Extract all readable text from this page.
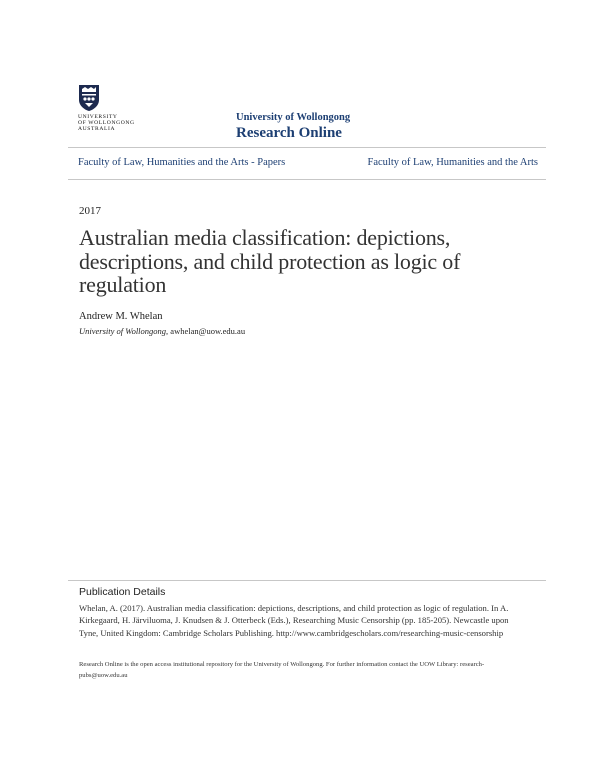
UNIVERSITY
OF WOLLONGONG
AUSTRALIA
University of Wollongong
Research Online
Faculty of Law, Humanities and the Arts - Papers	Faculty of Law, Humanities and the Arts
2017
Australian media classification: depictions, descriptions, and child protection as logic of regulation
Andrew M. Whelan
University of Wollongong, awhelan@uow.edu.au
Publication Details
Whelan, A. (2017). Australian media classification: depictions, descriptions, and child protection as logic of regulation. In A. Kirkegaard, H. Järviluoma, J. Knudsen & J. Otterbeck (Eds.), Researching Music Censorship (pp. 185-205). Newcastle upon Tyne, United Kingdom: Cambridge Scholars Publishing. http://www.cambridgescholars.com/researching-music-censorship
Research Online is the open access institutional repository for the University of Wollongong. For further information contact the UOW Library: research-pubs@uow.edu.au
